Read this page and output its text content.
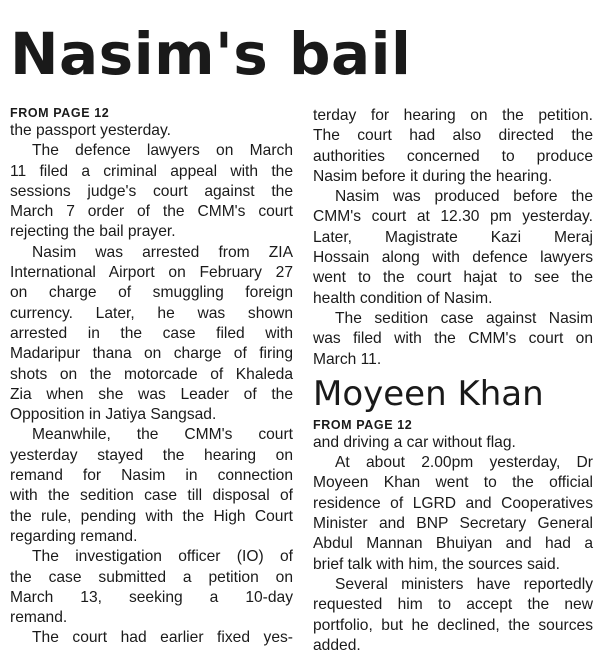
Nasim's bail

FROM PAGE 12

the passport yesterday.
The defence lawyers on March
11 filed a criminal appeal with the
sessions judge's court against the
March 7 order of the CMM's court
rejecting the bail prayer.
Nasim was arrested from ZIA
International Airport on February 27
on charge of smuggling foreign
currency. Later, he was shown
arrested in the case filed with
Madaripur thana on charge of firing
shots on the motorcade of Khaleda
Zia when she was Leader of the
Opposition in Jatiya Sangsad.
Meanwhile, the CMM's court
yesterday stayed the hearing on
remand for Nasim in connection
with the sedition case till disposal of
the rule, pending with the High Court
regarding remand.
The investigation officer (IO) of
the case submitted a petition on
March 13, seeking a 10-day
remand.
The court had earlier fixed yes-
terday for hearing on the petition.
The court had also directed the
authorities concerned to produce
Nasim before it during the hearing.
Nasim was produced before the
CMM's court at 12.30 pm yesterday.
Later, Magistrate Kazi Meraj
Hossain along with defence lawyers
went to the court hajat to see the
health condition of Nasim.
The sedition case against Nasim
was filed with the CMM's court on
March 11.
Moyeen Khan

FROM PAGE 12

and driving a car without flag.
At about 2.00pm yesterday, Dr
Moyeen Khan went to the official
residence of LGRD and Cooperatives
Minister and BNP Secretary General
Abdul Mannan Bhuiyan and had a
brief talk with him, the sources said.
Several ministers have reportedly
requested him to accept the new
portfolio, but he declined, the sources
added.
